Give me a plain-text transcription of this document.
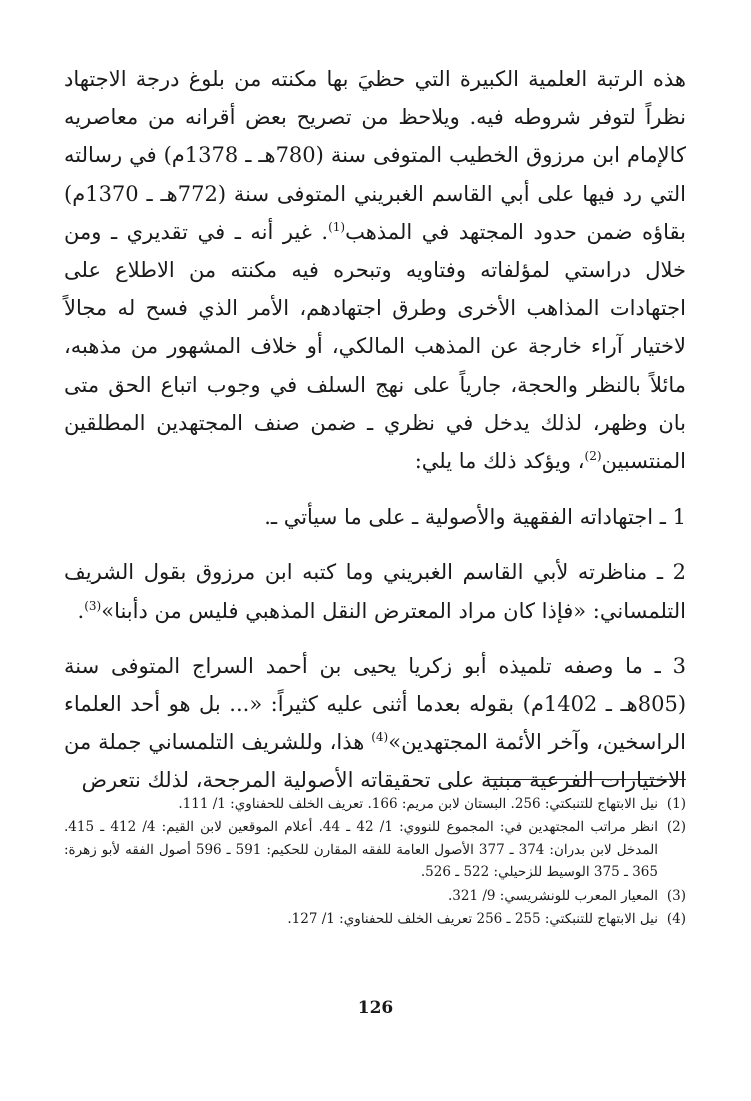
هذه الرتبة العلمية الكبيرة التي حظيَ بها مكنته من بلوغ درجة الاجتهاد نظراً لتوفر شروطه فيه. ويلاحظ من تصريح بعض أقرانه من معاصريه كالإمام ابن مرزوق الخطيب المتوفى سنة (780هـ ـ 1378م) في رسالته التي رد فيها على أبي القاسم الغبريني المتوفى سنة (772هـ ـ 1370م) بقاؤه ضمن حدود المجتهد في المذهب$^{(1)}$. غير أنه ـ في تقديري ـ ومن خلال دراستي لمؤلفاته وفتاويه وتبحره فيه مكنته من الاطلاع على اجتهادات المذاهب الأخرى وطرق اجتهادهم، الأمر الذي فسح له مجالاً لاختيار آراء خارجة عن المذهب المالكي، أو خلاف المشهور من مذهبه، مائلاً بالنظر والحجة، جارياً على نهج السلف في وجوب اتباع الحق متى بان وظهر، لذلك يدخل في نظري ـ ضمن صنف المجتهدين المطلقين المنتسبين$^{(2)}$، ويؤكد ذلك ما يلي:

1 ـ اجتهاداته الفقهية والأصولية ـ على ما سيأتي ـ.

2 ـ مناظرته لأبي القاسم الغبريني وما كتبه ابن مرزوق بقول الشريف التلمساني: «فإذا كان مراد المعترض النقل المذهبي فليس من دأبنا»$^{(3)}$.

3 ـ ما وصفه تلميذه أبو زكريا يحيى بن أحمد السراج المتوفى سنة (805هـ ـ 1402م) بقوله بعدما أثنى عليه كثيراً: «... بل هو أحد العلماء الراسخين، وآخر الأئمة المجتهدين»$^{(4)}$ هذا، وللشريف التلمساني جملة من الاختيارات الفرعية مبنية على تحقيقاته الأصولية المرجحة، لذلك نتعرض

(1)
نيل الابتهاج للتنبكتي: 256. البستان لابن مريم: 166. تعريف الخلف للحفناوي: 1/ 111.
(2)
انظر مراتب المجتهدين في: المجموع للنووي: 1/ 42 ـ 44. أعلام الموقعين لابن القيم: 4/ 412 ـ 415. المدخل لابن بدران: 374 ـ 377 الأصول العامة للفقه المقارن للحكيم: 591 ـ 596 أصول الفقه لأبو زهرة: 365 ـ 375 الوسيط للزحيلي: 522 ـ 526.
(3)
المعيار المعرب للونشريسي: 9/ 321.
(4)
نيل الابتهاج للتنبكتي: 255 ـ 256 تعريف الخلف للحفناوي: 1/ 127.
126
